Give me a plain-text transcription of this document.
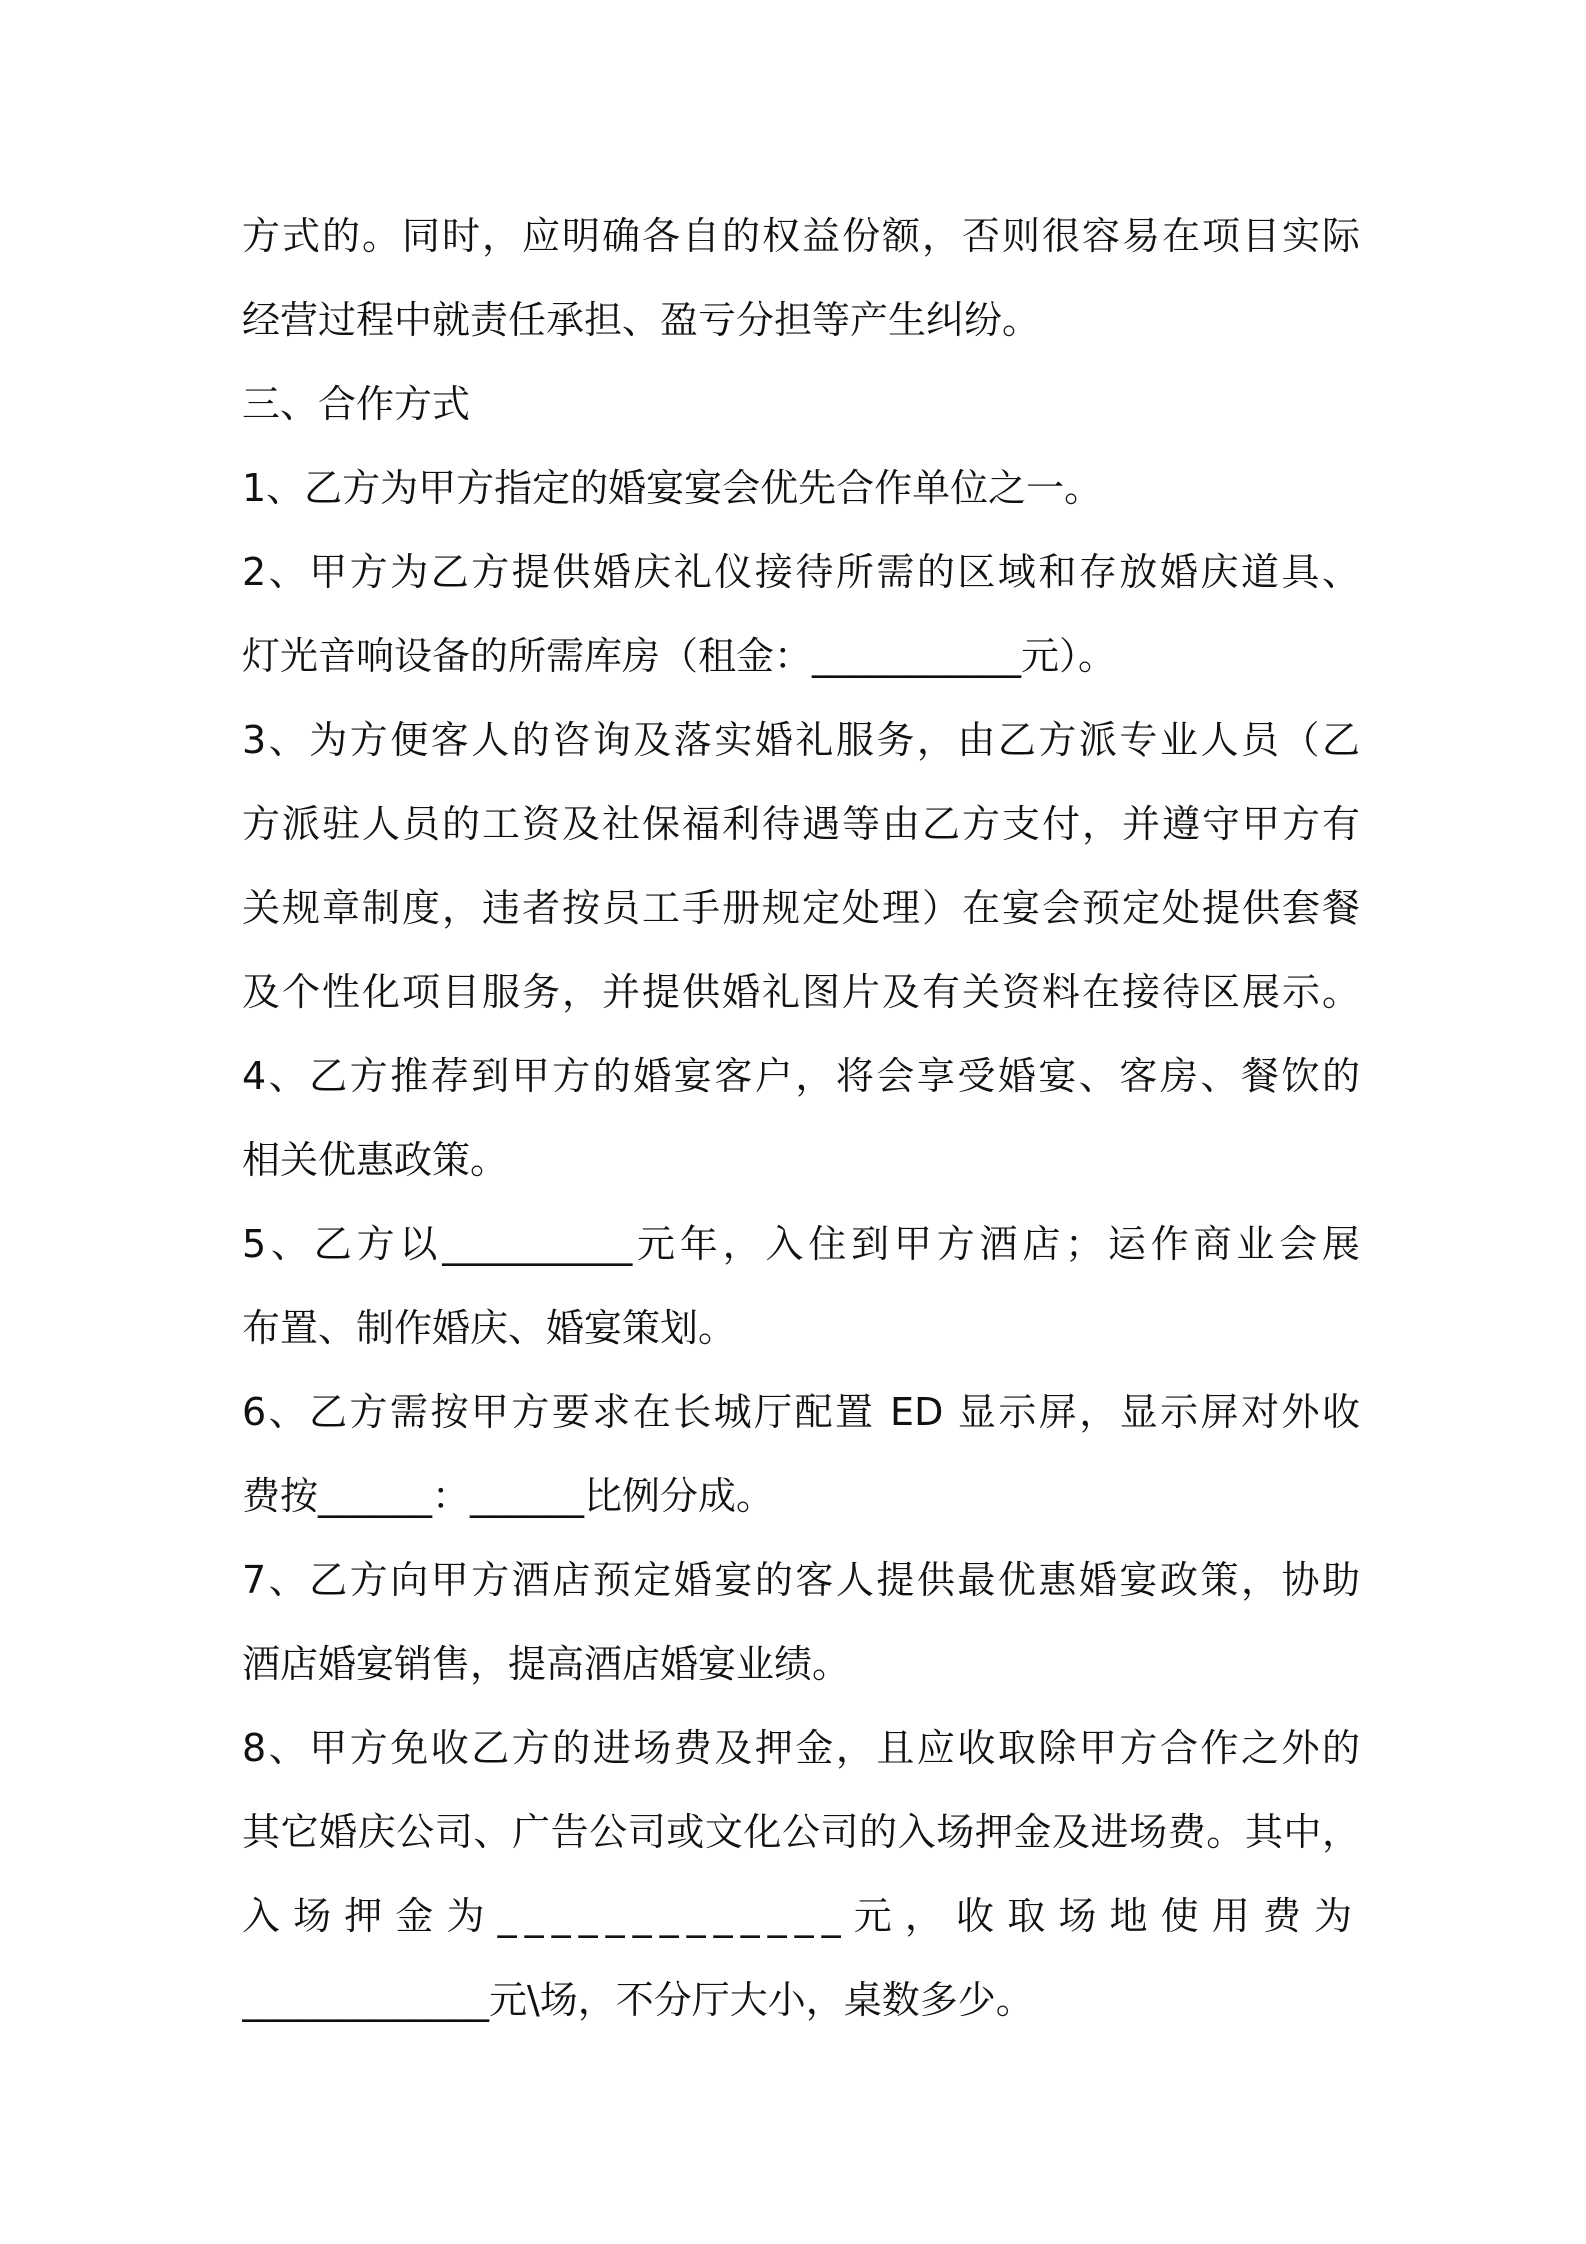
方式的。同时，应明确各自的权益份额，否则很容易在项目实际
经营过程中就责任承担、盈亏分担等产生纠纷。
三、合作方式
1、乙方为甲方指定的婚宴宴会优先合作单位之一。
2、甲方为乙方提供婚庆礼仪接待所需的区域和存放婚庆道具、
灯光音响设备的所需库房（租金：___________元）。
3、为方便客人的咨询及落实婚礼服务，由乙方派专业人员（乙
方派驻人员的工资及社保福利待遇等由乙方支付，并遵守甲方有
关规章制度，违者按员工手册规定处理）在宴会预定处提供套餐
及个性化项目服务，并提供婚礼图片及有关资料在接待区展示。
4、乙方推荐到甲方的婚宴客户，将会享受婚宴、客房、餐饮的
相关优惠政策。
5、乙方以__________元年，入住到甲方酒店；运作商业会展
布置、制作婚庆、婚宴策划。
6、乙方需按甲方要求在长城厅配置 ED 显示屏，显示屏对外收
费按______：______比例分成。
7、乙方向甲方酒店预定婚宴的客人提供最优惠婚宴政策，协助
酒店婚宴销售，提高酒店婚宴业绩。
8、甲方免收乙方的进场费及押金，且应收取除甲方合作之外的
其它婚庆公司、广告公司或文化公司的入场押金及进场费。其中，
入场押金为_____________元，收取场地使用费为
_____________元\场，不分厅大小，桌数多少。
